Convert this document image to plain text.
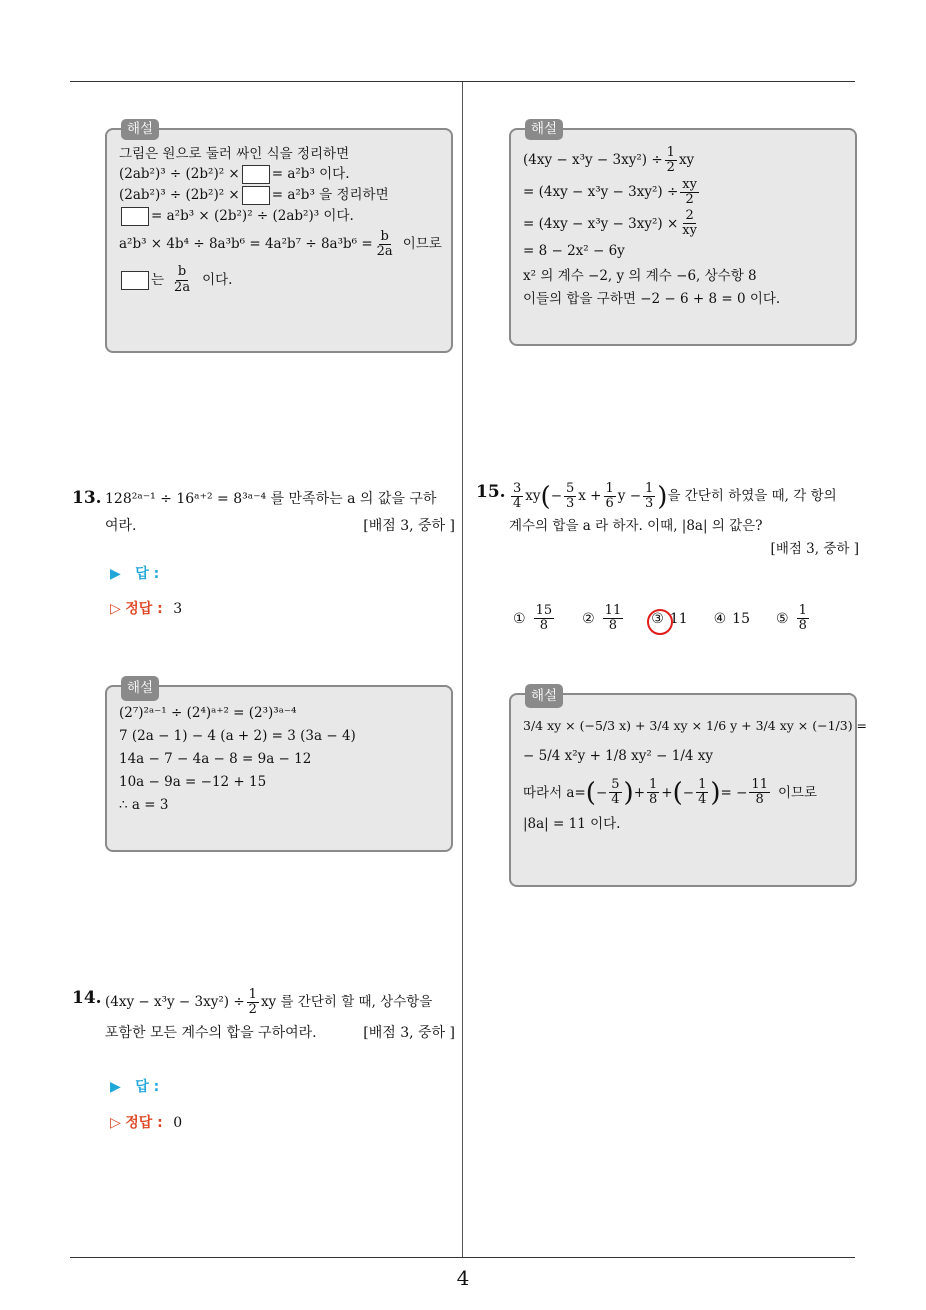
4
해설
그림은 원으로 둘러 싸인 식을 정리하면
(2ab²)³ ÷ (2b²)² × = a²b³ 이다.
(2ab²)³ ÷ (2b²)² × = a²b³ 을 정리하면
= a²b³ × (2b²)² ÷ (2ab²)³ 이다.
$a^2b^3 \times 4b^4 \div 8a^3b^6 = 4a^2b^7 \div 8a^3b^6 = \frac{b}{2a}$ 이므로
는 $\frac{b}{2a}$ 이다.
13. 128²ᵃ⁻¹ ÷ 16ᵃ⁺² = 8³ᵃ⁻⁴ 를 만족하는 a 의 값을 구하
여라.	[배점 3, 중하 ]
▶ 답 :
▷ 정답 : 3
해설
(2⁷)²ᵃ⁻¹ ÷ (2⁴)ᵃ⁺² = (2³)³ᵃ⁻⁴
7 (2a − 1) − 4 (a + 2) = 3 (3a − 4)
14a − 7 − 4a − 8 = 9a − 12
10a − 9a = −12 + 15
∴ a = 3
14. $(4xy - x^3y - 3xy^2) \div \frac{1}{2}$ xy 를 간단히 할 때, 상수항을
포함한 모든 계수의 합을 구하여라.	[배점 3, 중하 ]
▶ 답 :
▷ 정답 : 0
해설
$(4xy - x^3y - 3xy^2) \div \frac{1}{2}$ xy
= $(4xy - x^3y - 3xy^2) \div \frac{xy}{2}$
= $(4xy - x^3y - 3xy^2) \times \frac{2}{xy}$
= 8 − 2x² − 6y
x² 의 계수 −2, y 의 계수 −6, 상수항 8
이들의 합을 구하면 −2 − 6 + 8 = 0 이다.
15. $\frac{3}{4}$ xy ( − $\frac{5}{3}$ $x + \frac{1}{6}$ $y - \frac{1}{3}$ ) 을 간단히 하였을 때, 각 항의
계수의 합을 a 라 하자. 이때, |8a| 의 값은?
[배점 3, 중하 ]
① $\frac{15}{8}$ ② $\frac{11}{8}$ ③ 11 ④ 15 ⑤ $\frac{1}{8}$
해설
3/4 xy × (−5/3 x) + 3/4 xy × 1/6 y + 3/4 xy × (−1/3) =
− 5/4 x²y + 1/8 xy² − 1/4 xy
따라서 a= ( − $\frac{5}{4}$ ) + $\frac{1}{8}$ + ( − $\frac{1}{4}$ ) = − $\frac{11}{8}$ 이므로
|8a| = 11 이다.
